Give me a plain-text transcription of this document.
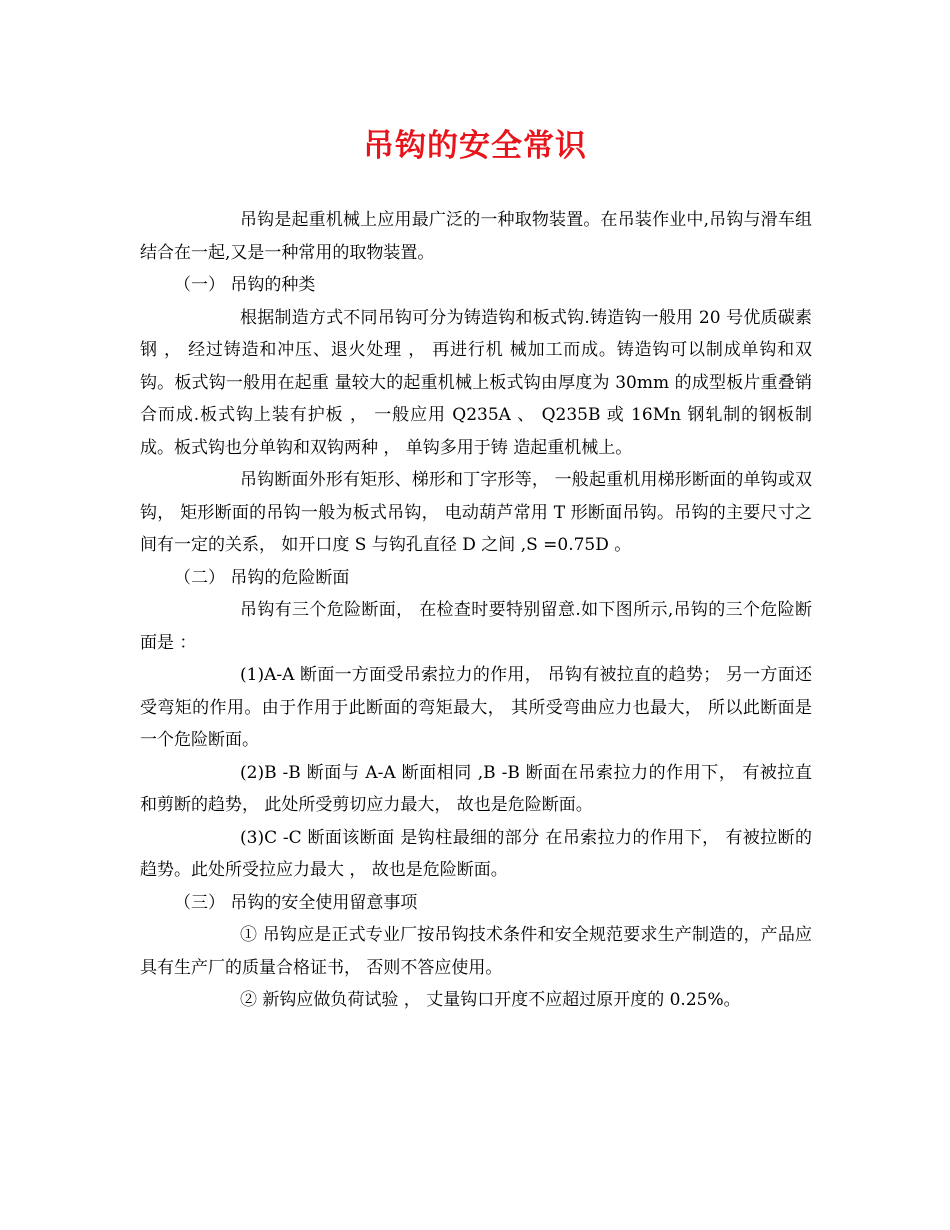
吊钩的安全常识

吊钩是起重机械上应用最广泛的一种取物装置。在吊装作业中,吊钩与滑车组结合在一起,又是一种常用的取物装置。

（一） 吊钩的种类

根据制造方式不同吊钩可分为铸造钩和板式钩.铸造钩一般用 20 号优质碳素钢 ， 经过铸造和冲压、退火处理 ， 再进行机 械加工而成。铸造钩可以制成单钩和双钩。板式钩一般用在起重 量较大的起重机械上板式钩由厚度为 30mm 的成型板片重叠销合而成.板式钩上装有护板 ， 一般应用 Q235A 、 Q235B 或 16Mn 钢轧制的钢板制成。板式钩也分单钩和双钩两种 ， 单钩多用于铸 造起重机械上。

吊钩断面外形有矩形、梯形和丁字形等， 一般起重机用梯形断面的单钩或双钩， 矩形断面的吊钩一般为板式吊钩， 电动葫芦常用 T 形断面吊钩。吊钩的主要尺寸之间有一定的关系， 如开口度 S 与钩孔直径 D 之间 ,S =0.75D 。

（二） 吊钩的危险断面

吊钩有三个危险断面， 在检查时要特别留意.如下图所示,吊钩的三个危险断面是 ：

(1)A-A 断面一方面受吊索拉力的作用， 吊钩有被拉直的趋势； 另一方面还受弯矩的作用。由于作用于此断面的弯矩最大， 其所受弯曲应力也最大， 所以此断面是一个危险断面。

(2)B -B 断面与 A-A 断面相同 ,B -B 断面在吊索拉力的作用下， 有被拉直和剪断的趋势， 此处所受剪切应力最大， 故也是危险断面。

(3)C -C 断面该断面 是钩柱最细的部分 在吊索拉力的作用下， 有被拉断的趋势。此处所受拉应力最大 ， 故也是危险断面。

（三） 吊钩的安全使用留意事项

① 吊钩应是正式专业厂按吊钩技术条件和安全规范要求生产制造的，产品应具有生产厂的质量合格证书， 否则不答应使用。

② 新钩应做负荷试验 ， 丈量钩口开度不应超过原开度的 0.25%。
